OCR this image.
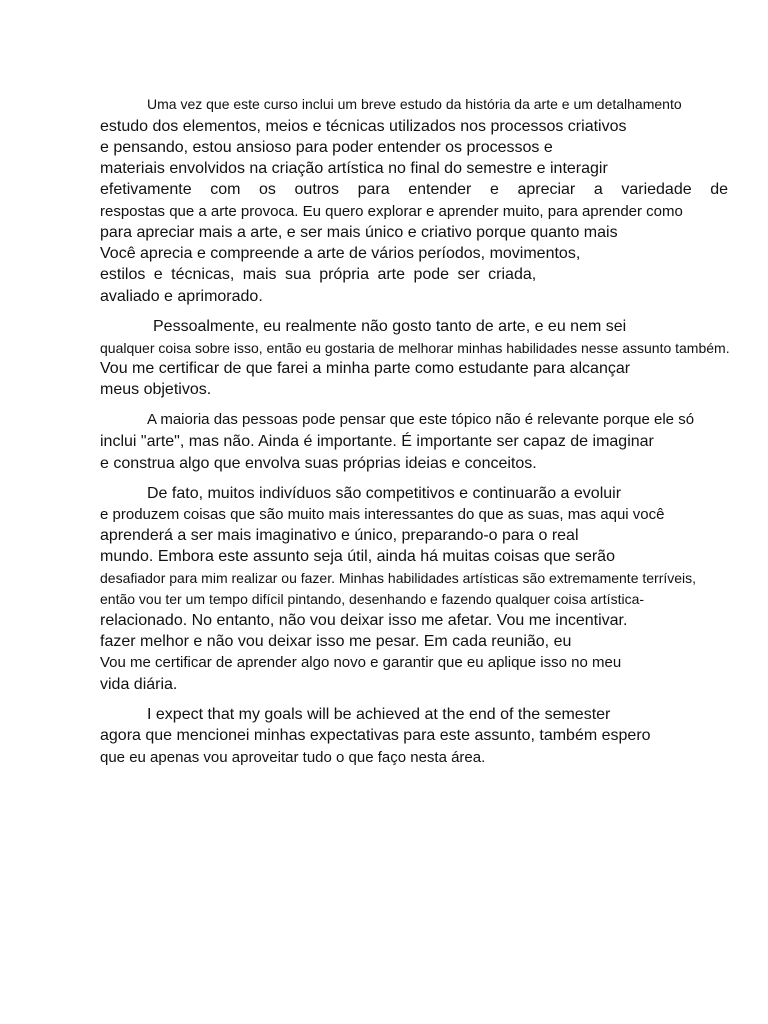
Uma vez que este curso inclui um breve estudo da história da arte e um detalhamento
estudo dos elementos, meios e técnicas utilizados nos processos criativos
e pensando, estou ansioso para poder entender os processos e
materiais envolvidos na criação artística no final do semestre e interagir
efetivamente com os outros para entender e apreciar a variedade de
respostas que a arte provoca. Eu quero explorar e aprender muito, para aprender como
para apreciar mais a arte, e ser mais único e criativo porque quanto mais
Você aprecia e compreende a arte de vários períodos, movimentos,
estilos e técnicas, mais sua própria arte pode ser criada,
avaliado e aprimorado.
Pessoalmente, eu realmente não gosto tanto de arte, e eu nem sei
qualquer coisa sobre isso, então eu gostaria de melhorar minhas habilidades nesse assunto também.
Vou me certificar de que farei a minha parte como estudante para alcançar
meus objetivos.
A maioria das pessoas pode pensar que este tópico não é relevante porque ele só
inclui "arte", mas não. Ainda é importante. É importante ser capaz de imaginar
e construa algo que envolva suas próprias ideias e conceitos.
De fato, muitos indivíduos são competitivos e continuarão a evoluir
e produzem coisas que são muito mais interessantes do que as suas, mas aqui você
aprenderá a ser mais imaginativo e único, preparando-o para o real
mundo. Embora este assunto seja útil, ainda há muitas coisas que serão
desafiador para mim realizar ou fazer. Minhas habilidades artísticas são extremamente terríveis,
então vou ter um tempo difícil pintando, desenhando e fazendo qualquer coisa artística-
relacionado. No entanto, não vou deixar isso me afetar. Vou me incentivar.
fazer melhor e não vou deixar isso me pesar. Em cada reunião, eu
Vou me certificar de aprender algo novo e garantir que eu aplique isso no meu
vida diária.
I expect that my goals will be achieved at the end of the semester
agora que mencionei minhas expectativas para este assunto, também espero
que eu apenas vou aproveitar tudo o que faço nesta área.
